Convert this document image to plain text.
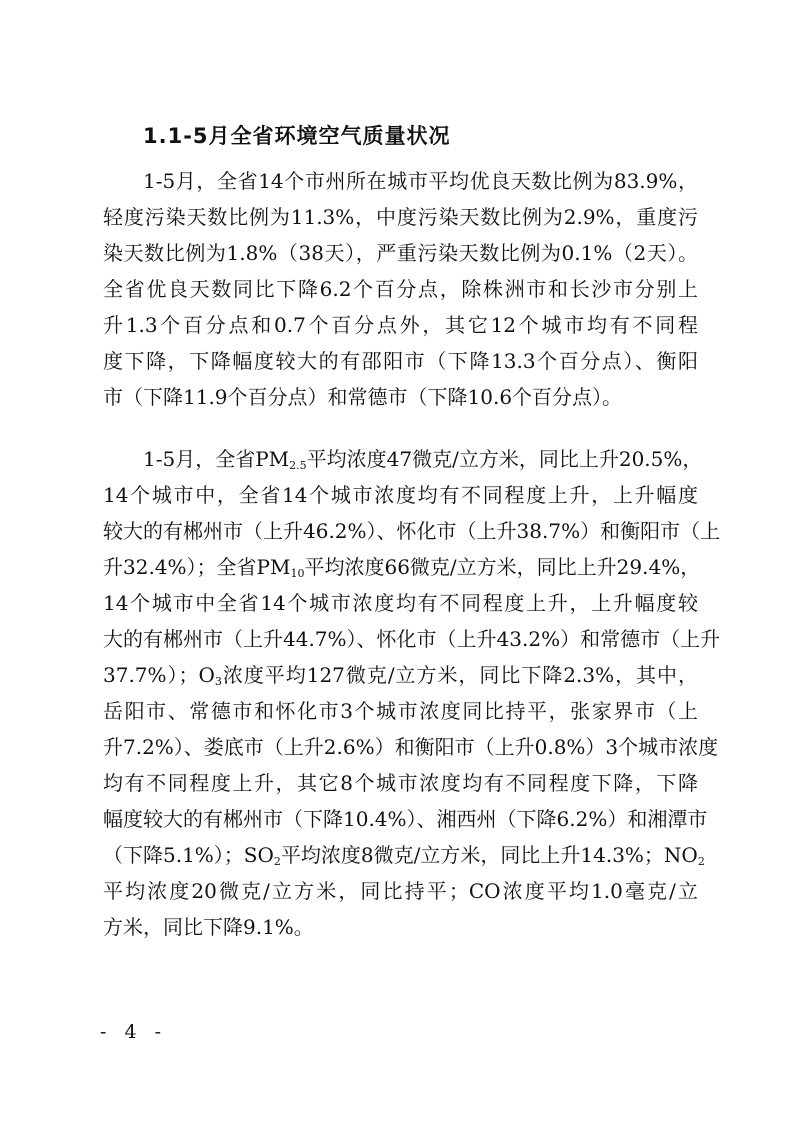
1.1-5月全省环境空气质量状况
1-5月，全省14个市州所在城市平均优良天数比例为83.9%，
轻度污染天数比例为11.3%，中度污染天数比例为2.9%，重度污
染天数比例为1.8%（38天），严重污染天数比例为0.1%（2天）。
全省优良天数同比下降6.2个百分点，除株洲市和长沙市分别上
升1.3个百分点和0.7个百分点外，其它12个城市均有不同程
度下降，下降幅度较大的有邵阳市（下降13.3个百分点）、衡阳
市（下降11.9个百分点）和常德市（下降10.6个百分点）。
1-5月，全省$PM_{2.5}$平均浓度47微克/立方米，同比上升20.5%，
14个城市中，全省14个城市浓度均有不同程度上升，上升幅度
较大的有郴州市（上升46.2%）、怀化市（上升38.7%）和衡阳市（上
升32.4%）；全省$PM_{10}$平均浓度66微克/立方米，同比上升29.4%，
14个城市中全省14个城市浓度均有不同程度上升，上升幅度较
大的有郴州市（上升44.7%）、怀化市（上升43.2%）和常德市（上升
37.7%）；$O_3$浓度平均127微克/立方米，同比下降2.3%，其中，
岳阳市、常德市和怀化市3个城市浓度同比持平，张家界市（上
升7.2%）、娄底市（上升2.6%）和衡阳市（上升0.8%）3个城市浓度
均有不同程度上升，其它8个城市浓度均有不同程度下降，下降
幅度较大的有郴州市（下降10.4%）、湘西州（下降6.2%）和湘潭市
（下降5.1%）；$SO_2$平均浓度8微克/立方米，同比上升14.3%；$NO_2$
平均浓度20微克/立方米，同比持平；CO浓度平均1.0毫克/立
方米，同比下降9.1%。

- 4 -
